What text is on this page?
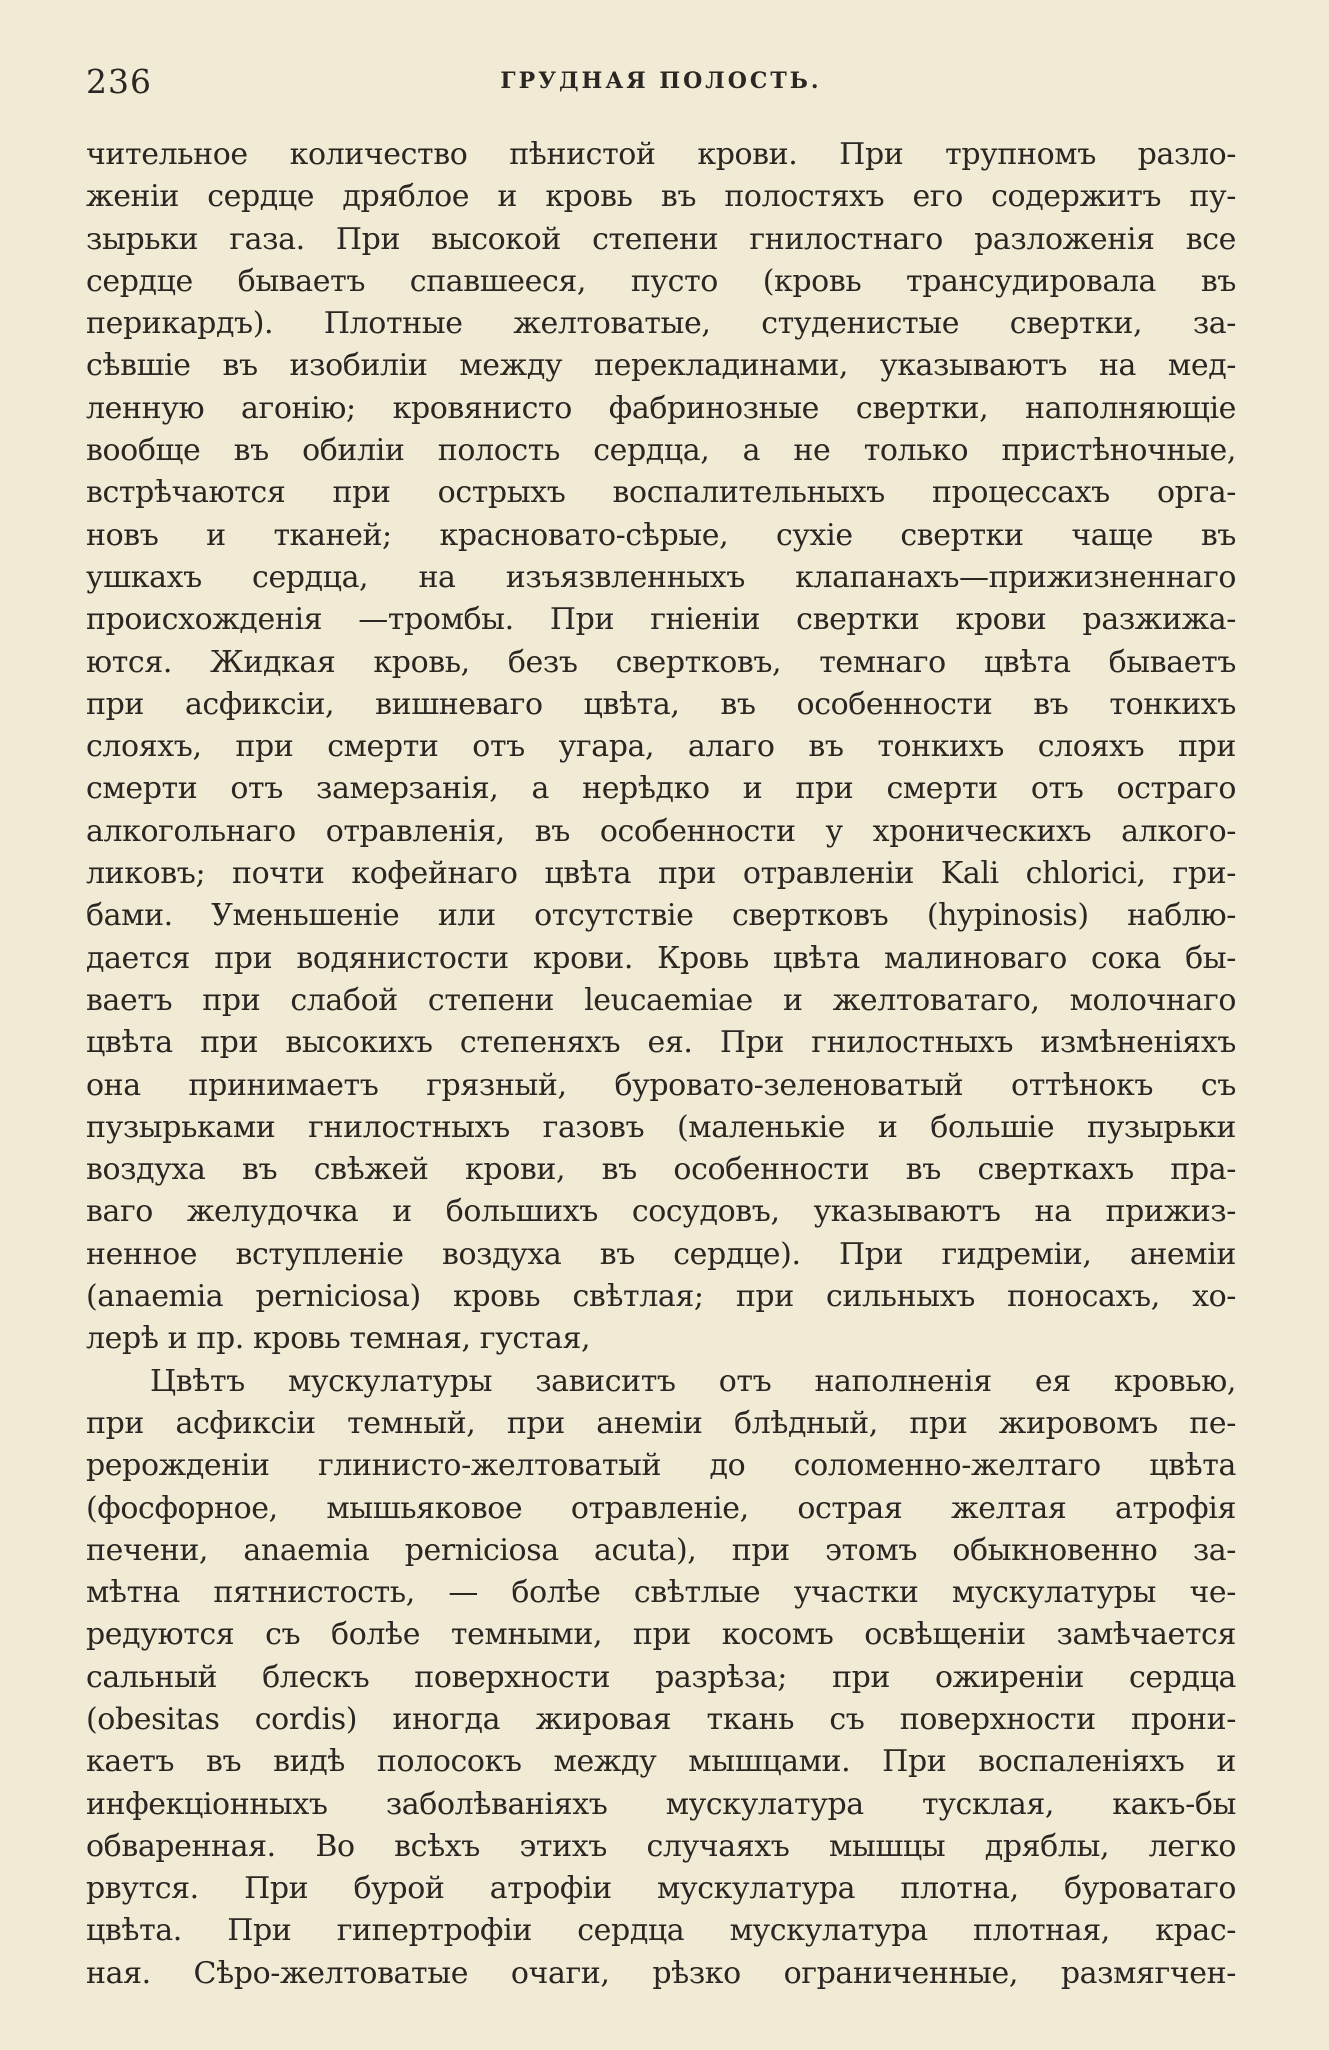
236	ГРУДНАЯ ПОЛОСТЬ.
чительное количество пѣнистой крови. При трупномъ разло-
женіи сердце дряблое и кровь въ полостяхъ его содержитъ пу-
зырьки газа. При высокой степени гнилостнаго разложенія все
сердце бываетъ спавшееся, пусто (кровь трансудировала въ
перикардъ). Плотные желтоватые, студенистые свертки, за-
сѣвшіе въ изобиліи между перекладинами, указываютъ на мед-
ленную агонію; кровянисто фабринозные свертки, наполняющіе
вообще въ обиліи полость сердца, а не только пристѣночные,
встрѣчаются при острыхъ воспалительныхъ процессахъ орга-
новъ и тканей; красновато-сѣрые, сухіе свертки чаще въ
ушкахъ сердца, на изъязвленныхъ клапанахъ—прижизненнаго
происхожденія —тромбы. При гніеніи свертки крови разжижа-
ются. Жидкая кровь, безъ свертковъ, темнаго цвѣта бываетъ
при асфиксіи, вишневаго цвѣта, въ особенности въ тонкихъ
слояхъ, при смерти отъ угара, алаго въ тонкихъ слояхъ при
смерти отъ замерзанія, а нерѣдко и при смерти отъ остраго
алкогольнаго отравленія, въ особенности у хроническихъ алкого-
ликовъ; почти кофейнаго цвѣта при отравленіи Kali chlorici, гри-
бами. Уменьшеніе или отсутствіе свертковъ (hypinosis) наблю-
дается при водянистости крови. Кровь цвѣта малиноваго сока бы-
ваетъ при слабой степени leucaemiae и желтоватаго, молочнаго
цвѣта при высокихъ степеняхъ ея. При гнилостныхъ измѣненіяхъ
она принимаетъ грязный, буровато-зеленоватый оттѣнокъ съ
пузырьками гнилостныхъ газовъ (маленькіе и большіе пузырьки
воздуха въ свѣжей крови, въ особенности въ сверткахъ пра-
ваго желудочка и большихъ сосудовъ, указываютъ на прижиз-
ненное вступленіе воздуха въ сердце). При гидреміи, анеміи
(anaemia perniciosa) кровь свѣтлая; при сильныхъ поносахъ, хо-
лерѣ и пр. кровь темная, густая,
Цвѣтъ мускулатуры зависитъ отъ наполненія ея кровью,
при асфиксіи темный, при анеміи блѣдный, при жировомъ пе-
рерожденіи глинисто-желтоватый до соломенно-желтаго цвѣта
(фосфорное, мышьяковое отравленіе, острая желтая атрофія
печени, anaemia perniciosa acuta), при этомъ обыкновенно за-
мѣтна пятнистость, — болѣе свѣтлые участки мускулатуры че-
редуются съ болѣе темными, при косомъ освѣщеніи замѣчается
сальный блескъ поверхности разрѣза; при ожиреніи сердца
(obesitas cordis) иногда жировая ткань съ поверхности прони-
каетъ въ видѣ полосокъ между мышцами. При воспаленіяхъ и
инфекціонныхъ заболѣваніяхъ мускулатура тусклая, какъ-бы
обваренная. Во всѣхъ этихъ случаяхъ мышцы дряблы, легко
рвутся. При бурой атрофіи мускулатура плотна, буроватаго
цвѣта. При гипертрофіи сердца мускулатура плотная, крас-
ная. Сѣро-желтоватые очаги, рѣзко ограниченные, размягчен-
